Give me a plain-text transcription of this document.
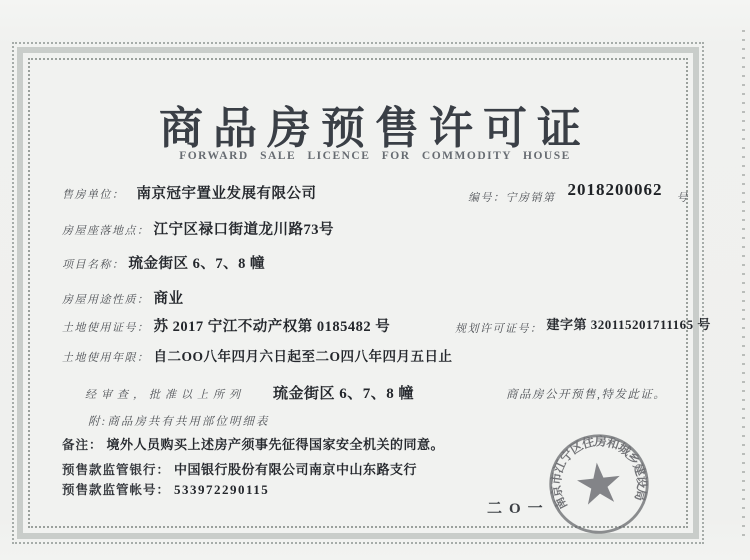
商品房预售许可证
FORWARD SALE LICENCE FOR COMMODITY HOUSE
售房单位： 南京冠宇置业发展有限公司	编号：宁房销第 2018200062 号
房屋座落地点： 江宁区禄口街道龙川路73号
项目名称： 琉金街区 6、7、8 幢
房屋用途性质： 商业
土地使用证号： 苏 2017 宁江不动产权第 0185482 号	规划许可证号： 建字第 320115201711165 号
土地使用年限： 自二OO八年四月六日起至二O四八年四月五日止
经审查，批准以上所列 琉金街区 6、7、8 幢	商品房公开预售,特发此证。
附:商品房共有共用部位明细表
备注： 境外人员购买上述房产须事先征得国家安全机关的同意。
预售款监管银行： 中国银行股份有限公司南京中山东路支行
预售款监管帐号： 533972290115
二O一 南京市江宁区住房和城乡建设局
